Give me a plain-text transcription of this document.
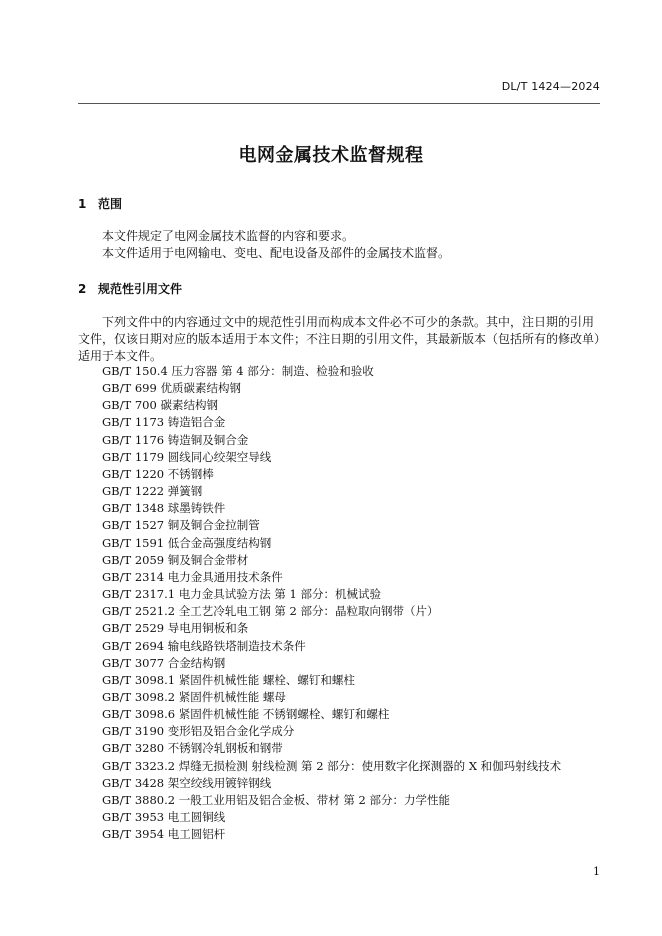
DL/T 1424—2024
电网金属技术监督规程
1 范围
本文件规定了电网金属技术监督的内容和要求。
本文件适用于电网输电、变电、配电设备及部件的金属技术监督。
2 规范性引用文件
下列文件中的内容通过文中的规范性引用而构成本文件必不可少的条款。其中，注日期的引用文件，仅该日期对应的版本适用于本文件；不注日期的引用文件，其最新版本（包括所有的修改单）适用于本文件。
GB/T 150.4 压力容器 第 4 部分：制造、检验和验收
GB/T 699 优质碳素结构钢
GB/T 700 碳素结构钢
GB/T 1173 铸造铝合金
GB/T 1176 铸造铜及铜合金
GB/T 1179 圆线同心绞架空导线
GB/T 1220 不锈钢棒
GB/T 1222 弹簧钢
GB/T 1348 球墨铸铁件
GB/T 1527 铜及铜合金拉制管
GB/T 1591 低合金高强度结构钢
GB/T 2059 铜及铜合金带材
GB/T 2314 电力金具通用技术条件
GB/T 2317.1 电力金具试验方法 第 1 部分：机械试验
GB/T 2521.2 全工艺冷轧电工钢 第 2 部分：晶粒取向钢带（片）
GB/T 2529 导电用铜板和条
GB/T 2694 输电线路铁塔制造技术条件
GB/T 3077 合金结构钢
GB/T 3098.1 紧固件机械性能 螺栓、螺钉和螺柱
GB/T 3098.2 紧固件机械性能 螺母
GB/T 3098.6 紧固件机械性能 不锈钢螺栓、螺钉和螺柱
GB/T 3190 变形铝及铝合金化学成分
GB/T 3280 不锈钢冷轧钢板和钢带
GB/T 3323.2 焊缝无损检测 射线检测 第 2 部分：使用数字化探测器的 X 和伽玛射线技术
GB/T 3428 架空绞线用镀锌钢线
GB/T 3880.2 一般工业用铝及铝合金板、带材 第 2 部分：力学性能
GB/T 3953 电工圆铜线
GB/T 3954 电工圆铝杆
1
